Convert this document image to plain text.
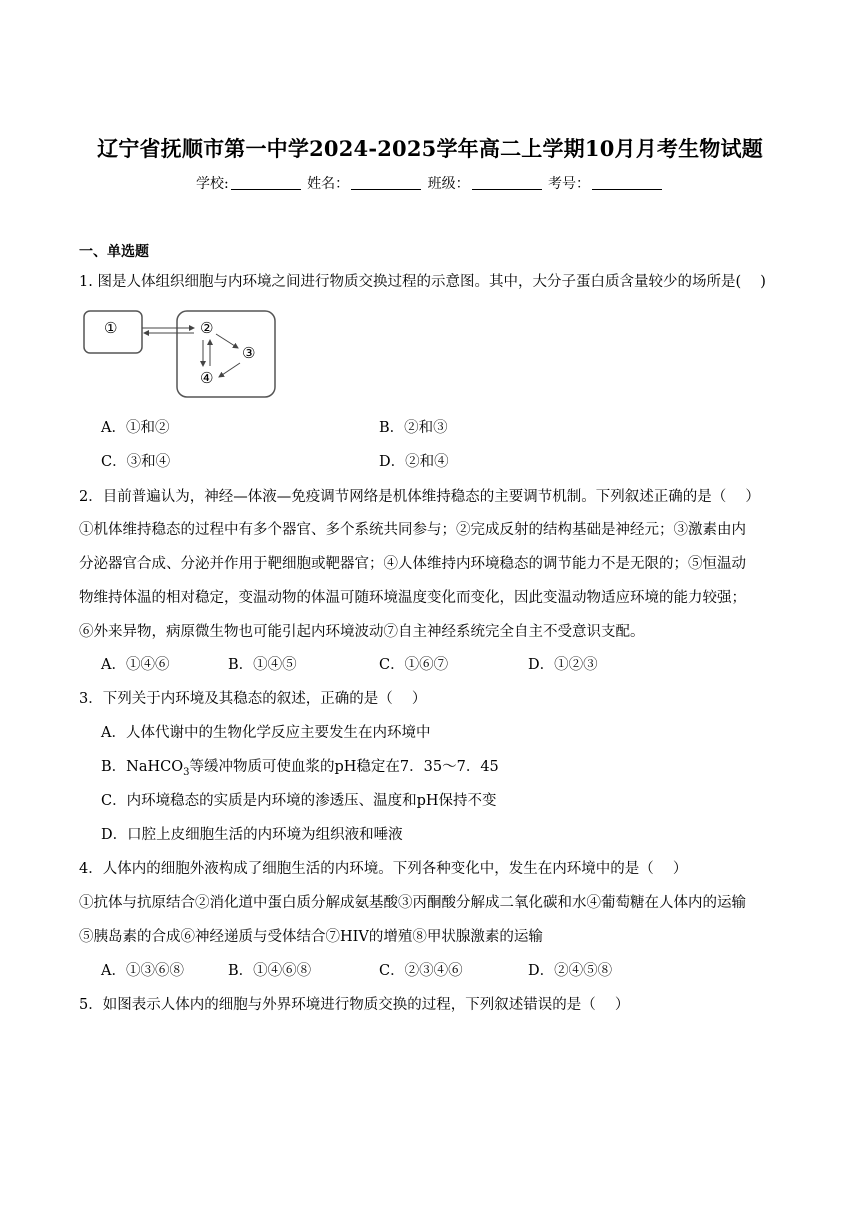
辽宁省抚顺市第一中学2024-2025学年高二上学期10月月考生物试题
学校:	姓名：	班级：	考号：
一、单选题
1. 图是人体组织细胞与内环境之间进行物质交换过程的示意图。其中，大分子蛋白质含量较少的场所是(　 )
①	②
③
④
A．①和②	B．②和③
C．③和④	D．②和④
2．目前普遍认为，神经—体液—免疫调节网络是机体维持稳态的主要调节机制。下列叙述正确的是（　 ）
①机体维持稳态的过程中有多个器官、多个系统共同参与；②完成反射的结构基础是神经元；③激素由内
分泌器官合成、分泌并作用于靶细胞或靶器官；④人体维持内环境稳态的调节能力不是无限的；⑤恒温动
物维持体温的相对稳定，变温动物的体温可随环境温度变化而变化，因此变温动物适应环境的能力较强；
⑥外来异物，病原微生物也可能引起内环境波动⑦自主神经系统完全自主不受意识支配。
A．①④⑥	B．①④⑤	C．①⑥⑦	D．①②③
3．下列关于内环境及其稳态的叙述，正确的是（　 ）
A．人体代谢中的生物化学反应主要发生在内环境中
B．NaHCO$_3$等缓冲物质可使血浆的pH稳定在7．35～7．45
C．内环境稳态的实质是内环境的渗透压、温度和pH保持不变
D．口腔上皮细胞生活的内环境为组织液和唾液
4．人体内的细胞外液构成了细胞生活的内环境。下列各种变化中，发生在内环境中的是（　 ）
①抗体与抗原结合②消化道中蛋白质分解成氨基酸③丙酮酸分解成二氧化碳和水④葡萄糖在人体内的运输
⑤胰岛素的合成⑥神经递质与受体结合⑦HIV的增殖⑧甲状腺激素的运输
A．①③⑥⑧	B．①④⑥⑧	C．②③④⑥	D．②④⑤⑧
5．如图表示人体内的细胞与外界环境进行物质交换的过程，下列叙述错误的是（　 ）
